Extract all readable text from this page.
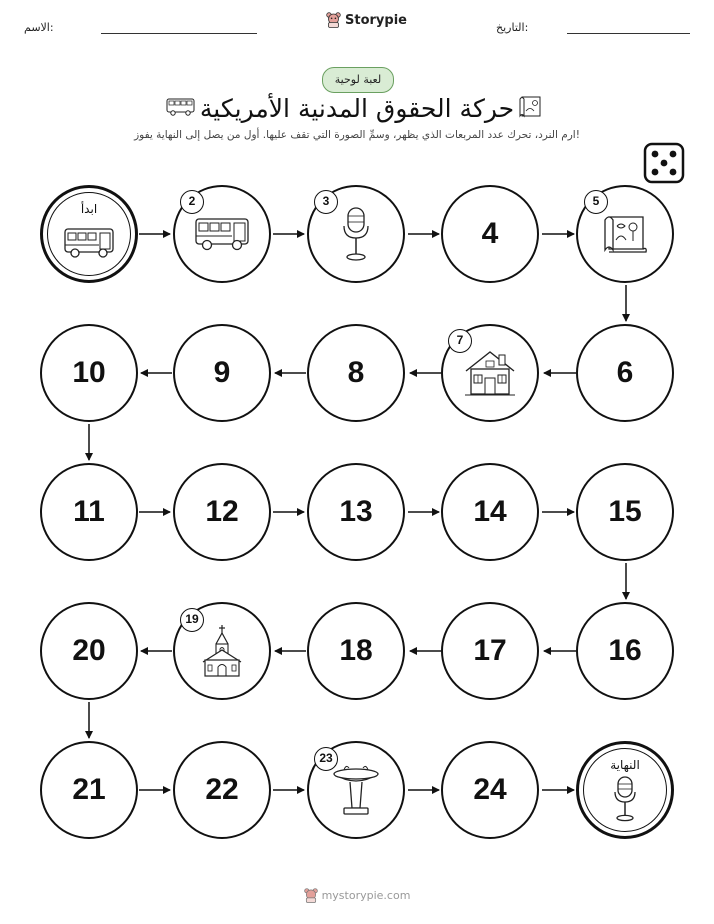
الاسم:	Storypie	التاريخ:
لعبة لوحية
حركة الحقوق المدنية الأمريكية
ارم النرد، تحرك عدد المربعات الذي يظهر، وسمِّ الصورة التي تقف عليها. أول من يصل إلى النهاية يفوز!
ابدأ
2	3
4
5
6
7
8
9
10
11	12	13	14	15
16
17
18
19
20
21	22
23
24
النهاية
mystorypie.com
